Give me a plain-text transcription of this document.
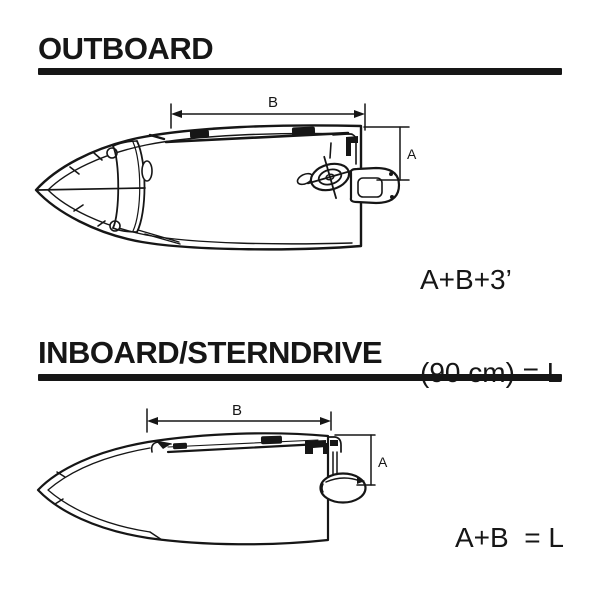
OUTBOARD
INBOARD/STERNDRIVE
B
A
B
A

A+B+3’

(90 cm) = L

A+B  = L
